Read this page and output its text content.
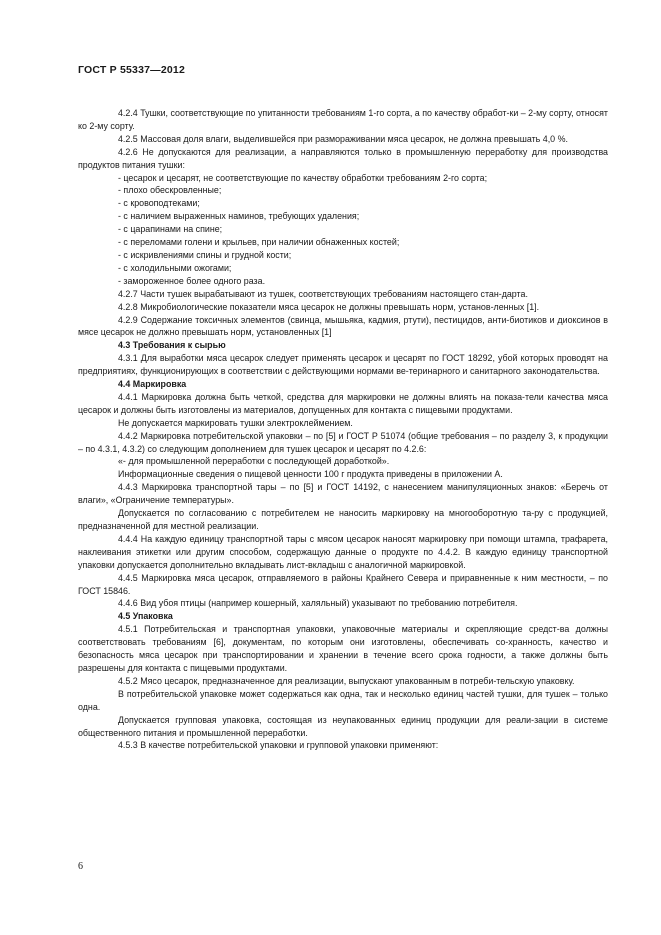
ГОСТ Р 55337—2012

4.2.4 Тушки, соответствующие по упитанности требованиям 1-го сорта, а по качеству обработ-ки – 2-му сорту, относят ко 2-му сорту.

4.2.5 Массовая доля влаги, выделившейся при размораживании мяса цесарок, не должна превышать 4,0 %.

4.2.6 Не допускаются для реализации, а направляются только в промышленную переработку для производства продуктов питания тушки:

- цесарок и цесарят, не соответствующие по качеству обработки требованиям 2-го сорта;

- плохо обескровленные;

- с кровоподтеками;

- с наличием выраженных наминов, требующих удаления;

- с царапинами на спине;

- с переломами голени и крыльев, при наличии обнаженных костей;

- с искривлениями спины и грудной кости;

- с холодильными ожогами;

- замороженное более одного раза.

4.2.7 Части тушек вырабатывают из тушек, соответствующих требованиям настоящего стан-дарта.

4.2.8 Микробиологические показатели мяса цесарок не должны превышать норм, установ-ленных [1].

4.2.9 Содержание токсичных элементов (свинца, мышьяка, кадмия, ртути), пестицидов, анти-биотиков и диоксинов в мясе цесарок не должно превышать норм, установленных [1]

4.3 Требования к сырью

4.3.1 Для выработки мяса цесарок следует применять цесарок и цесарят по ГОСТ 18292, убой которых проводят на предприятиях, функционирующих в соответствии с действующими нормами ве-теринарного и санитарного законодательства.

4.4 Маркировка

4.4.1 Маркировка должна быть четкой, средства для маркировки не должны влиять на показа-тели качества мяса цесарок и должны быть изготовлены из материалов, допущенных для контакта с пищевыми продуктами.

Не допускается маркировать тушки электроклеймением.

4.4.2 Маркировка потребительской упаковки – по [5] и ГОСТ Р 51074 (общие требования – по разделу 3, к продукции – по 4.3.1, 4.3.2) со следующим дополнением для тушек цесарок и цесарят по 4.2.6:

«- для промышленной переработки с последующей доработкой».

Информационные сведения о пищевой ценности 100 г продукта приведены в приложении А.

4.4.3 Маркировка транспортной тары – по [5] и ГОСТ 14192, с нанесением манипуляционных знаков: «Беречь от влаги», «Ограничение температуры».

Допускается по согласованию с потребителем не наносить маркировку на многооборотную та-ру с продукцией, предназначенной для местной реализации.

4.4.4 На каждую единицу транспортной тары с мясом цесарок наносят маркировку при помощи штампа, трафарета, наклеивания этикетки или другим способом, содержащую данные о продукте по 4.4.2. В каждую единицу транспортной упаковки допускается дополнительно вкладывать лист-вкладыш с аналогичной маркировкой.

4.4.5 Маркировка мяса цесарок, отправляемого в районы Крайнего Севера и приравненные к ним местности, – по ГОСТ 15846.

4.4.6 Вид убоя птицы (например кошерный, халяльный) указывают по требованию потребителя.

4.5 Упаковка

4.5.1 Потребительская и транспортная упаковки, упаковочные материалы и скрепляющие средст-ва должны соответствовать требованиям [6], документам, по которым они изготовлены, обеспечивать со-хранность, качество и безопасность мяса цесарок при транспортировании и хранении в течение всего срока годности, а также должны быть разрешены для контакта с пищевыми продуктами.

4.5.2 Мясо цесарок, предназначенное для реализации, выпускают упакованным в потреби-тельскую упаковку.

В потребительской упаковке может содержаться как одна, так и несколько единиц частей тушки, для тушек – только одна.

Допускается групповая упаковка, состоящая из неупакованных единиц продукции для реали-зации в системе общественного питания и промышленной переработки.

4.5.3 В качестве потребительской упаковки и групповой упаковки применяют:

6
